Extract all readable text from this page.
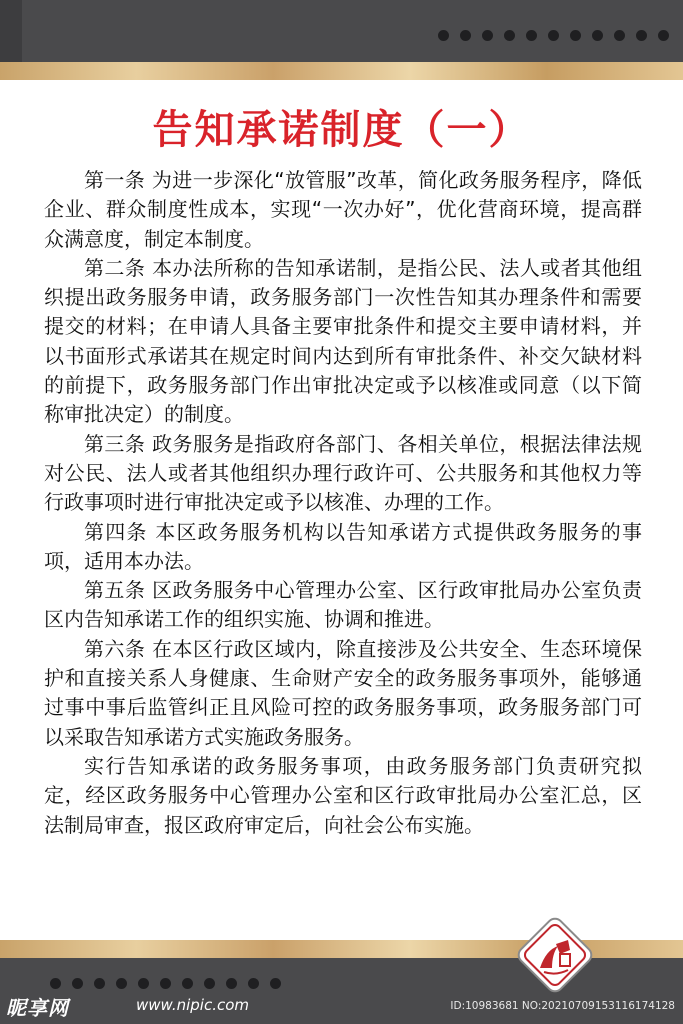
告知承诺制度（一）

第一条 为进一步深化“放管服”改革，简化政务服务程序，降低企业、群众制度性成本，实现“一次办好”，优化营商环境，提高群众满意度，制定本制度。

第二条 本办法所称的告知承诺制，是指公民、法人或者其他组织提出政务服务申请，政务服务部门一次性告知其办理条件和需要提交的材料；在申请人具备主要审批条件和提交主要申请材料，并以书面形式承诺其在规定时间内达到所有审批条件、补交欠缺材料的前提下，政务服务部门作出审批决定或予以核准或同意（以下简称审批决定）的制度。

第三条 政务服务是指政府各部门、各相关单位，根据法律法规对公民、法人或者其他组织办理行政许可、公共服务和其他权力等行政事项时进行审批决定或予以核准、办理的工作。

第四条 本区政务服务机构以告知承诺方式提供政务服务的事项，适用本办法。

第五条 区政务服务中心管理办公室、区行政审批局办公室负责区内告知承诺工作的组织实施、协调和推进。

第六条 在本区行政区域内，除直接涉及公共安全、生态环境保护和直接关系人身健康、生命财产安全的政务服务事项外，能够通过事中事后监管纠正且风险可控的政务服务事项，政务服务部门可以采取告知承诺方式实施政务服务。

实行告知承诺的政务服务事项，由政务服务部门负责研究拟定，经区政务服务中心管理办公室和区行政审批局办公室汇总，区法制局审查，报区政府审定后，向社会公布实施。

昵享网	www.nipic.com	ID:10983681 NO:20210709153116174128
